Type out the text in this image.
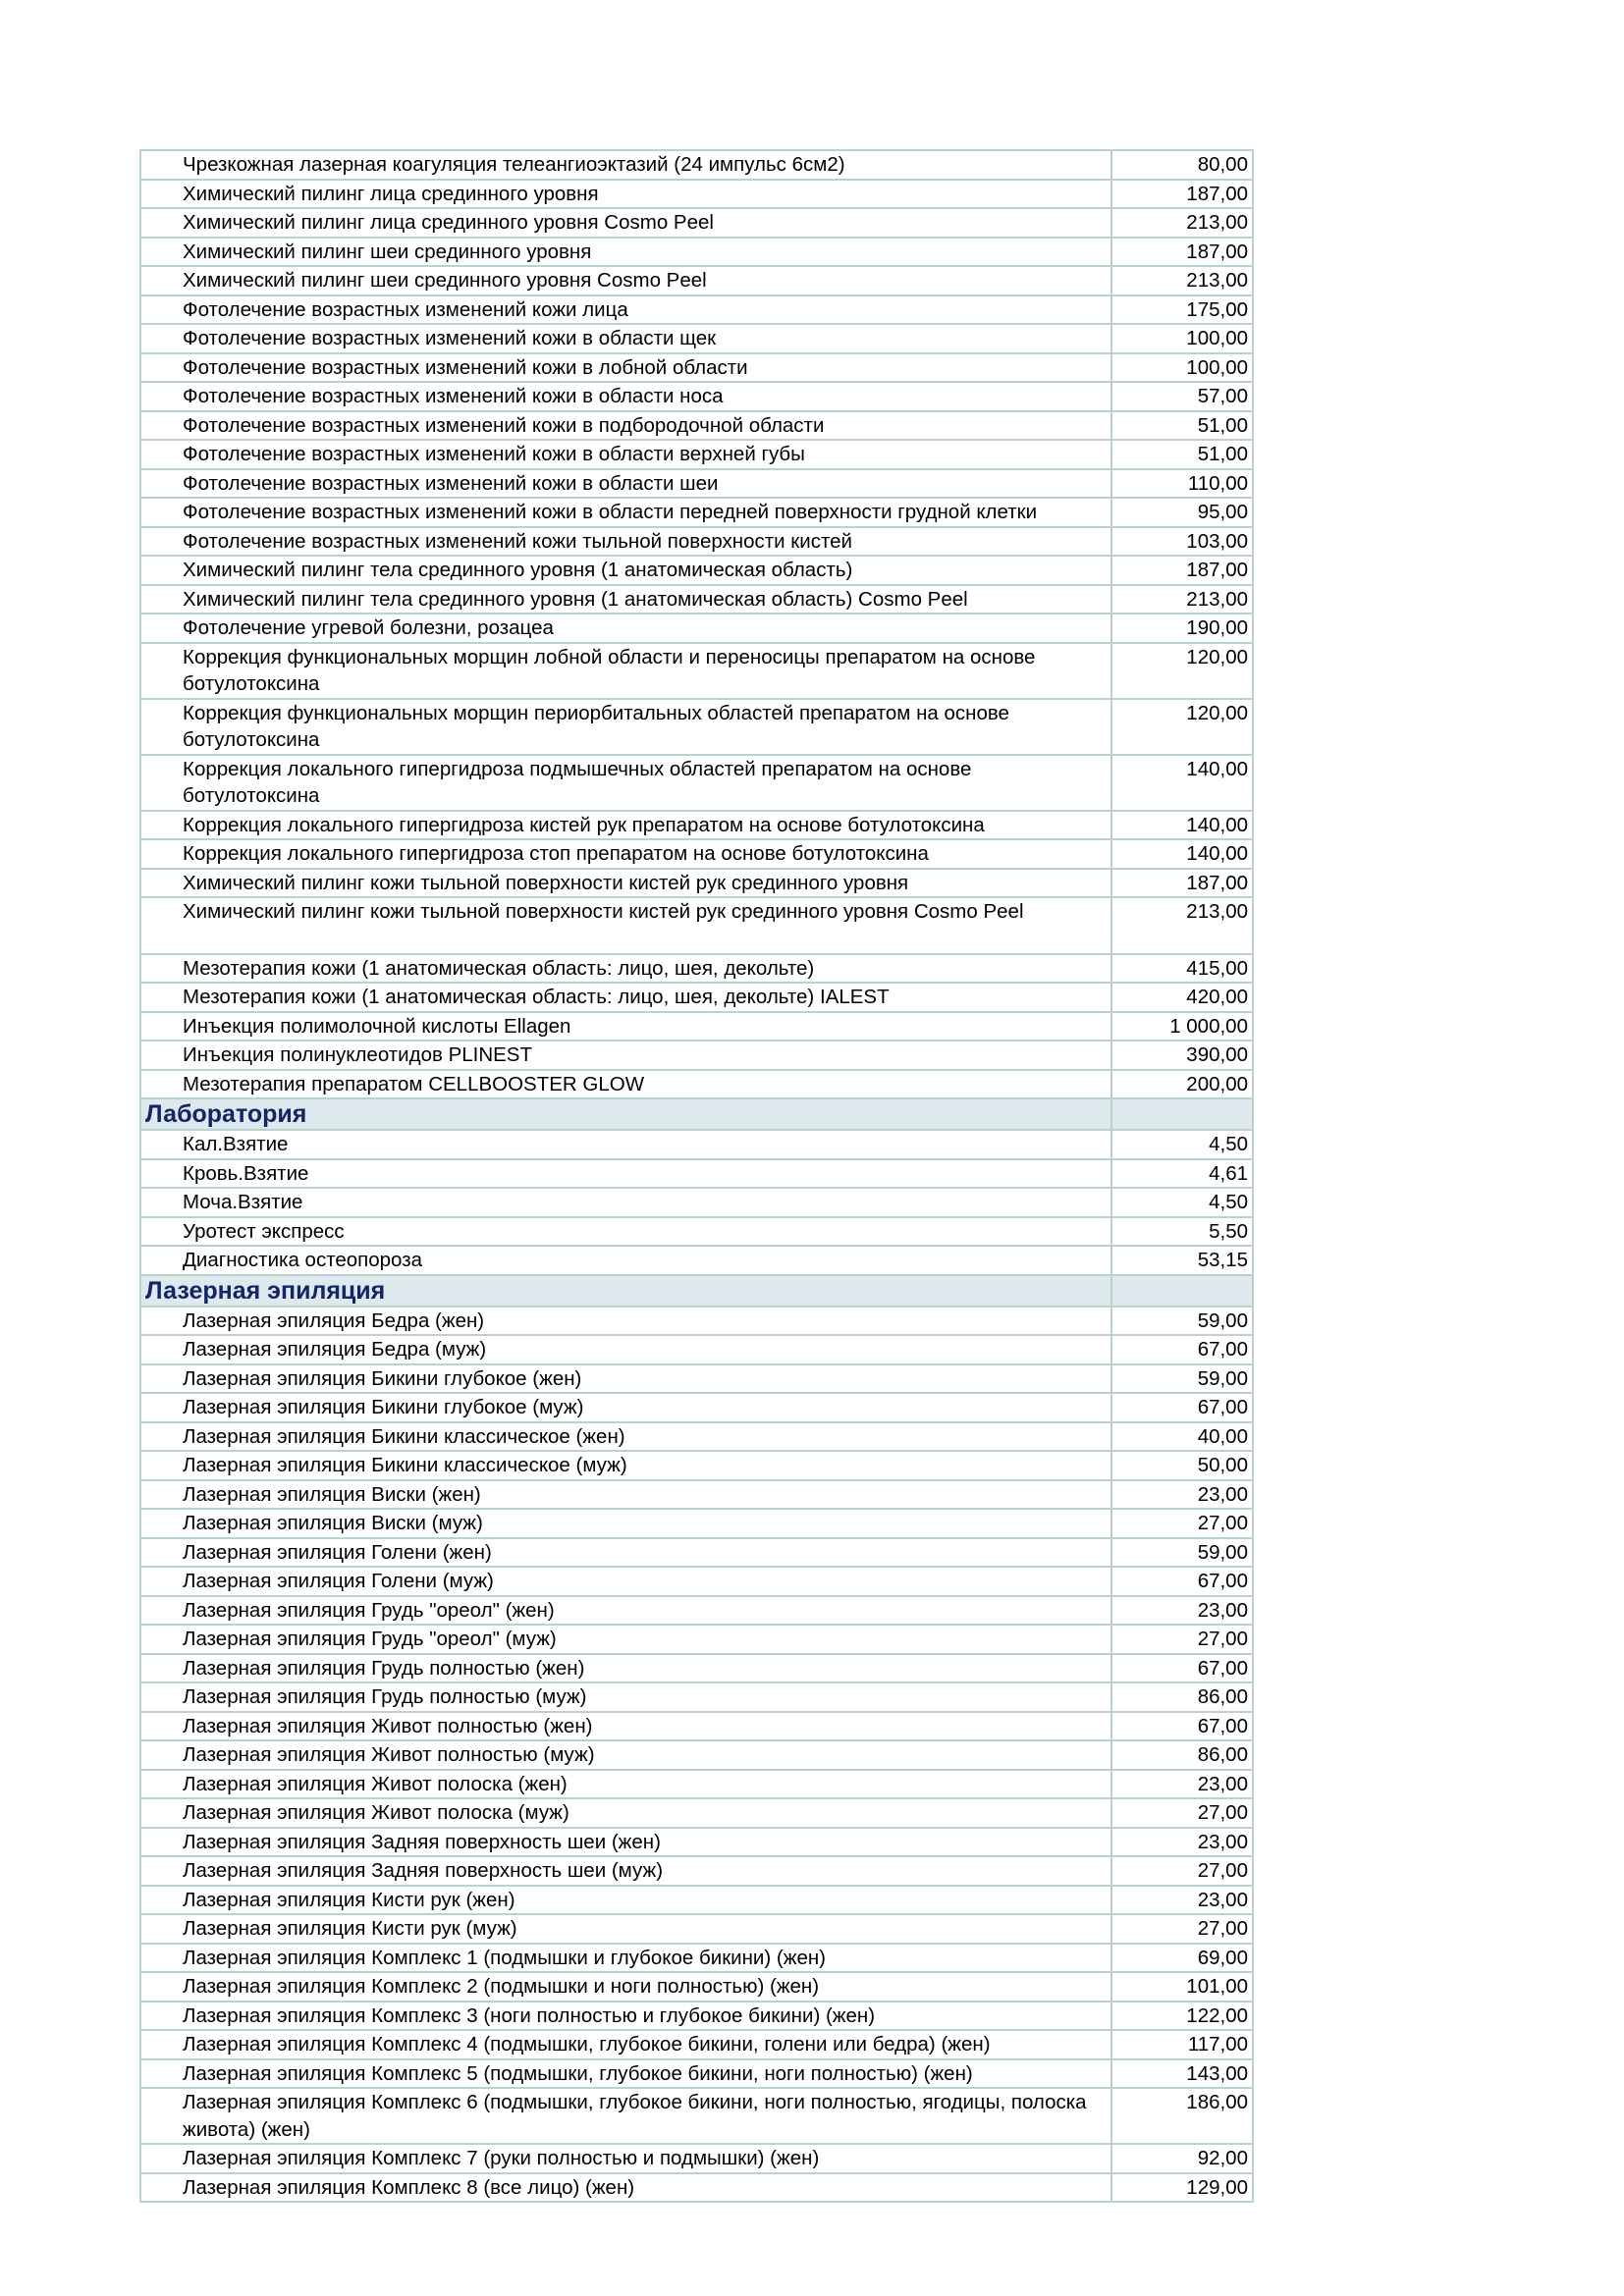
Чрезкожная лазерная коагуляция телеангиоэктазий (24 импульс 6см2)	80,00
Химический пилинг лица срединного уровня	187,00
Химический пилинг лица срединного уровня Cosmo Peel	213,00
Химический пилинг шеи срединного уровня	187,00
Химический пилинг шеи срединного уровня Cosmo Peel	213,00
Фотолечение возрастных изменений кожи лица	175,00
Фотолечение возрастных изменений кожи в области щек	100,00
Фотолечение возрастных изменений кожи в лобной области	100,00
Фотолечение возрастных изменений кожи в области носа	57,00
Фотолечение возрастных изменений кожи в подбородочной области	51,00
Фотолечение возрастных изменений кожи в области верхней губы	51,00
Фотолечение возрастных изменений кожи в области шеи	110,00
Фотолечение возрастных изменений кожи в области передней поверхности грудной клетки	95,00
Фотолечение возрастных изменений кожи тыльной поверхности кистей	103,00
Химический пилинг тела срединного уровня (1 анатомическая область)	187,00
Химический пилинг тела срединного уровня (1 анатомическая область) Cosmo Peel	213,00
Фотолечение угревой болезни, розацеа	190,00
Коррекция функциональных морщин лобной области и переносицы препаратом на основе ботулотоксина	120,00
Коррекция функциональных морщин периорбитальных областей препаратом на основе ботулотоксина	120,00
Коррекция локального гипергидроза подмышечных областей препаратом на основе ботулотоксина	140,00
Коррекция локального гипергидроза кистей рук препаратом на основе ботулотоксина	140,00
Коррекция локального гипергидроза стоп препаратом на основе ботулотоксина	140,00
Химический пилинг кожи тыльной поверхности кистей рук срединного уровня	187,00
Химический пилинг кожи тыльной поверхности кистей рук срединного уровня Cosmo Peel	213,00
Мезотерапия кожи (1 анатомическая область: лицо, шея, декольте)	415,00
Мезотерапия кожи (1 анатомическая область: лицо, шея, декольте) IALEST	420,00
Инъекция полимолочной кислоты Ellagen	1 000,00
Инъекция полинуклеотидов PLINEST	390,00
Мезотерапия препаратом CELLBOOSTER GLOW	200,00
Лаборатория	
Кал.Взятие	4,50
Кровь.Взятие	4,61
Моча.Взятие	4,50
Уротест экспресс	5,50
Диагностика остеопороза	53,15
Лазерная эпиляция	
Лазерная эпиляция Бедра (жен)	59,00
Лазерная эпиляция Бедра (муж)	67,00
Лазерная эпиляция Бикини глубокое (жен)	59,00
Лазерная эпиляция Бикини глубокое (муж)	67,00
Лазерная эпиляция Бикини классическое (жен)	40,00
Лазерная эпиляция Бикини классическое (муж)	50,00
Лазерная эпиляция Виски (жен)	23,00
Лазерная эпиляция Виски (муж)	27,00
Лазерная эпиляция Голени (жен)	59,00
Лазерная эпиляция Голени (муж)	67,00
Лазерная эпиляция Грудь "ореол" (жен)	23,00
Лазерная эпиляция Грудь "ореол" (муж)	27,00
Лазерная эпиляция Грудь полностью (жен)	67,00
Лазерная эпиляция Грудь полностью (муж)	86,00
Лазерная эпиляция Живот полностью (жен)	67,00
Лазерная эпиляция Живот полностью (муж)	86,00
Лазерная эпиляция Живот полоска (жен)	23,00
Лазерная эпиляция Живот полоска (муж)	27,00
Лазерная эпиляция Задняя поверхность шеи (жен)	23,00
Лазерная эпиляция Задняя поверхность шеи (муж)	27,00
Лазерная эпиляция Кисти рук (жен)	23,00
Лазерная эпиляция Кисти рук (муж)	27,00
Лазерная эпиляция Комплекс 1 (подмышки и глубокое бикини) (жен)	69,00
Лазерная эпиляция Комплекс 2 (подмышки и ноги полностью) (жен)	101,00
Лазерная эпиляция Комплекс 3 (ноги полностью и глубокое бикини) (жен)	122,00
Лазерная эпиляция Комплекс 4 (подмышки, глубокое бикини, голени или бедра) (жен)	117,00
Лазерная эпиляция Комплекс 5 (подмышки, глубокое бикини, ноги полностью) (жен)	143,00
Лазерная эпиляция Комплекс 6 (подмышки, глубокое бикини, ноги полностью, ягодицы, полоска живота) (жен)	186,00
Лазерная эпиляция Комплекс 7 (руки полностью и подмышки) (жен)	92,00
Лазерная эпиляция Комплекс 8 (все лицо) (жен)	129,00
